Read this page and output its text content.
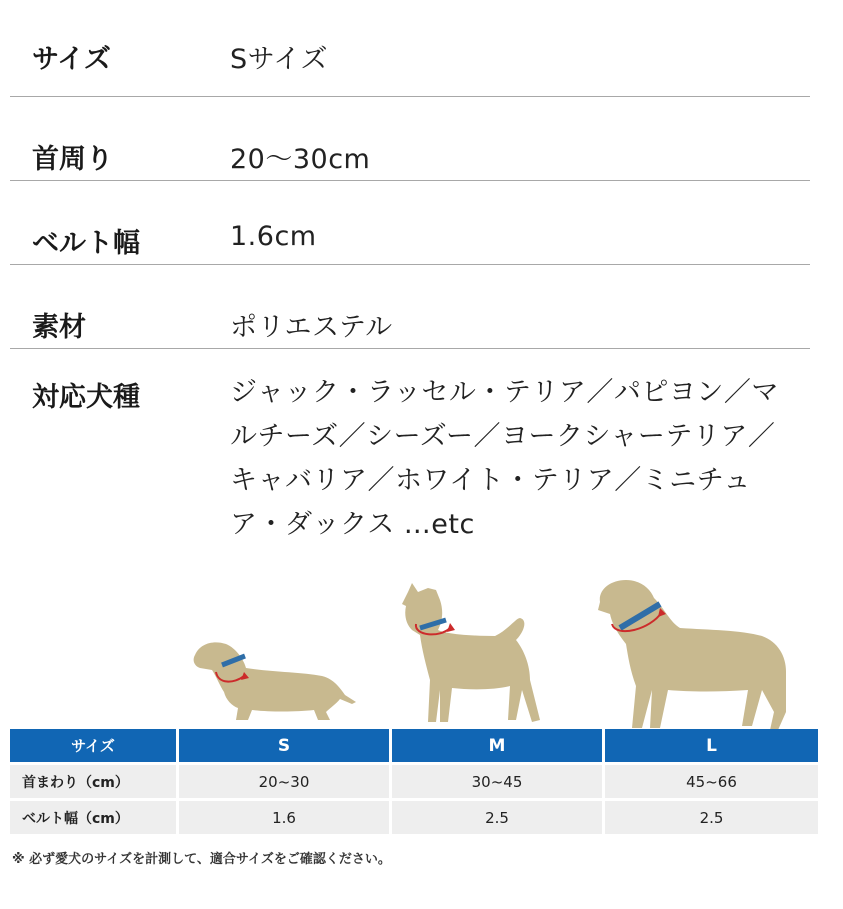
サイズ	Sサイズ
首周り	20〜30cm
ベルト幅	1.6cm
素材	ポリエステル
対応犬種	ジャック・ラッセル・テリア／パピヨン／マルチーズ／シーズー／ヨークシャーテリア／キャバリア／ホワイト・テリア／ミニチュア・ダックス …etc
サイズ	S	M	L
首まわり（cm）	20~30	30~45	45~66
ベルト幅（cm）	1.6	2.5	2.5
※ 必ず愛犬のサイズを計測して、適合サイズをご確認ください。
